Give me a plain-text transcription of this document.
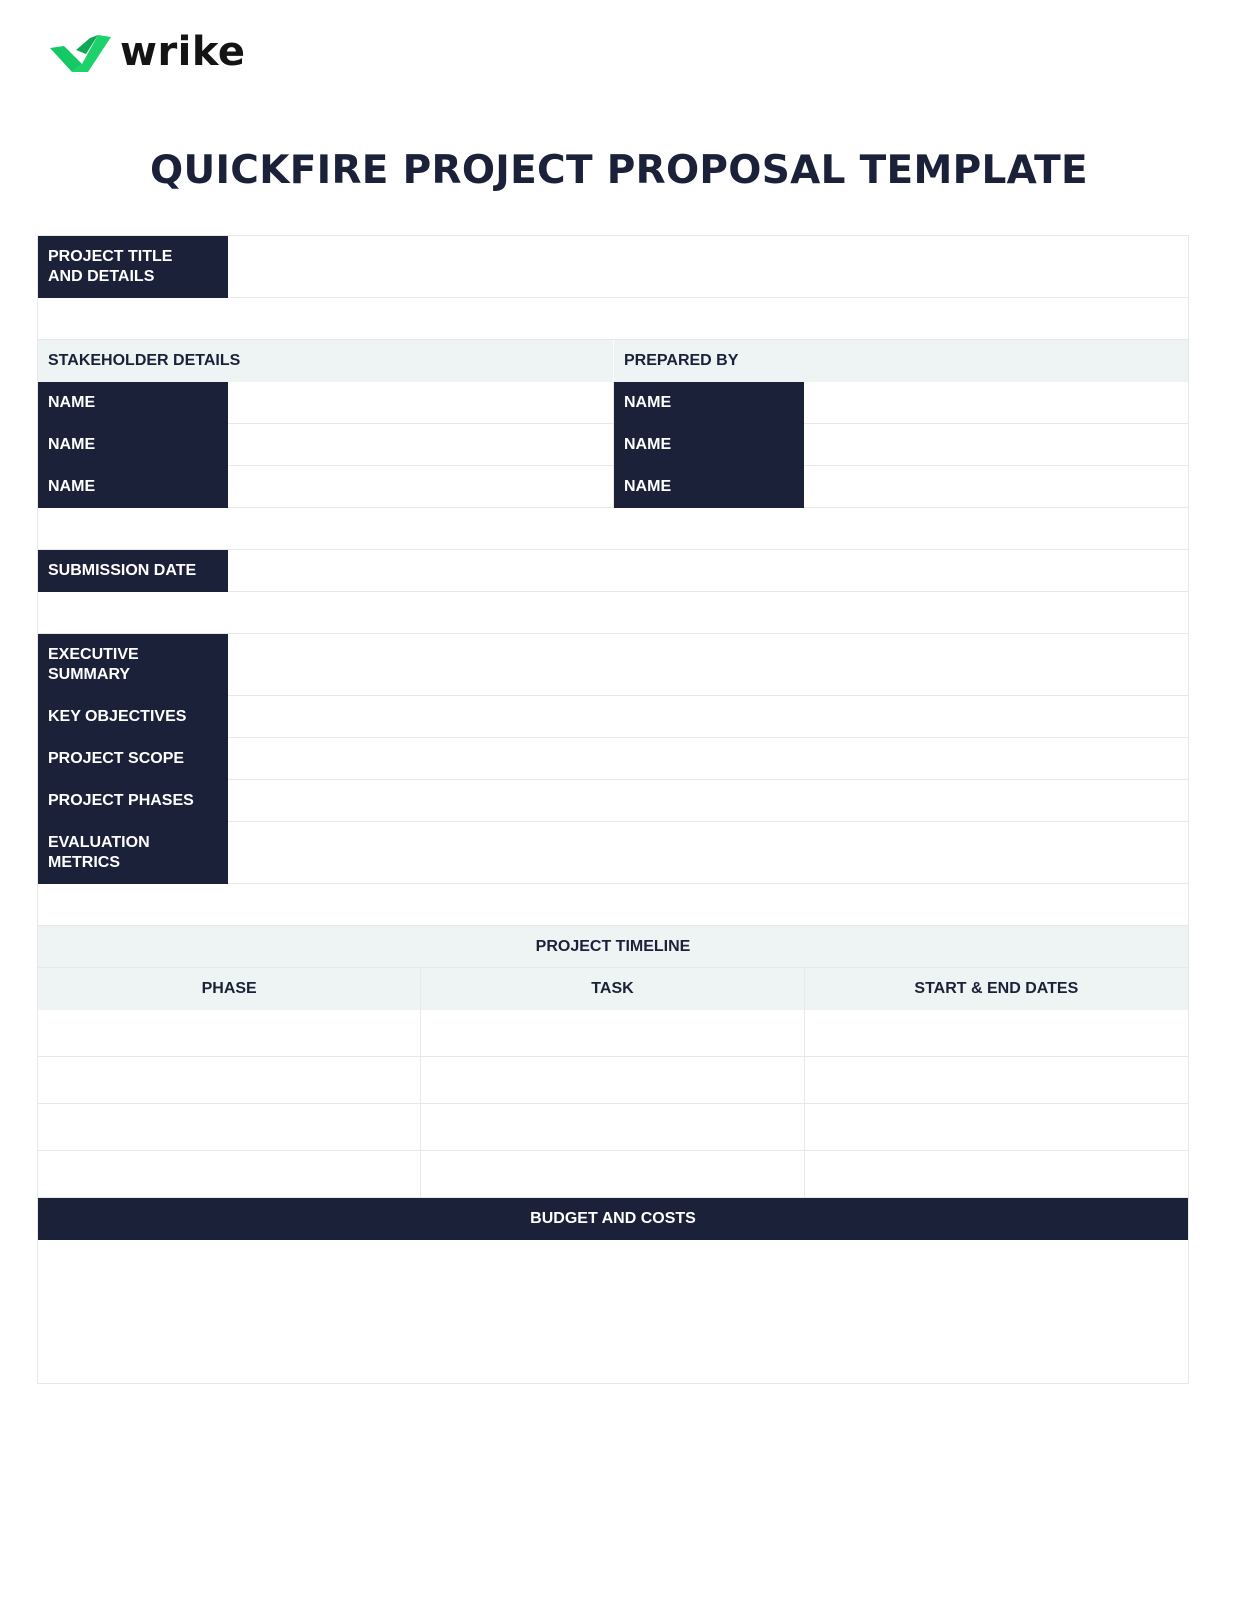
wrike
QUICKFIRE PROJECT PROPOSAL TEMPLATE
PROJECT TITLE
AND DETAILS
STAKEHOLDER DETAILS	PREPARED BY
NAME	NAME
NAME	NAME
NAME	NAME
SUBMISSION DATE
EXECUTIVE
SUMMARY
KEY OBJECTIVES
PROJECT SCOPE
PROJECT PHASES
EVALUATION
METRICS
PROJECT TIMELINE
PHASE	TASK	START & END DATES
BUDGET AND COSTS
